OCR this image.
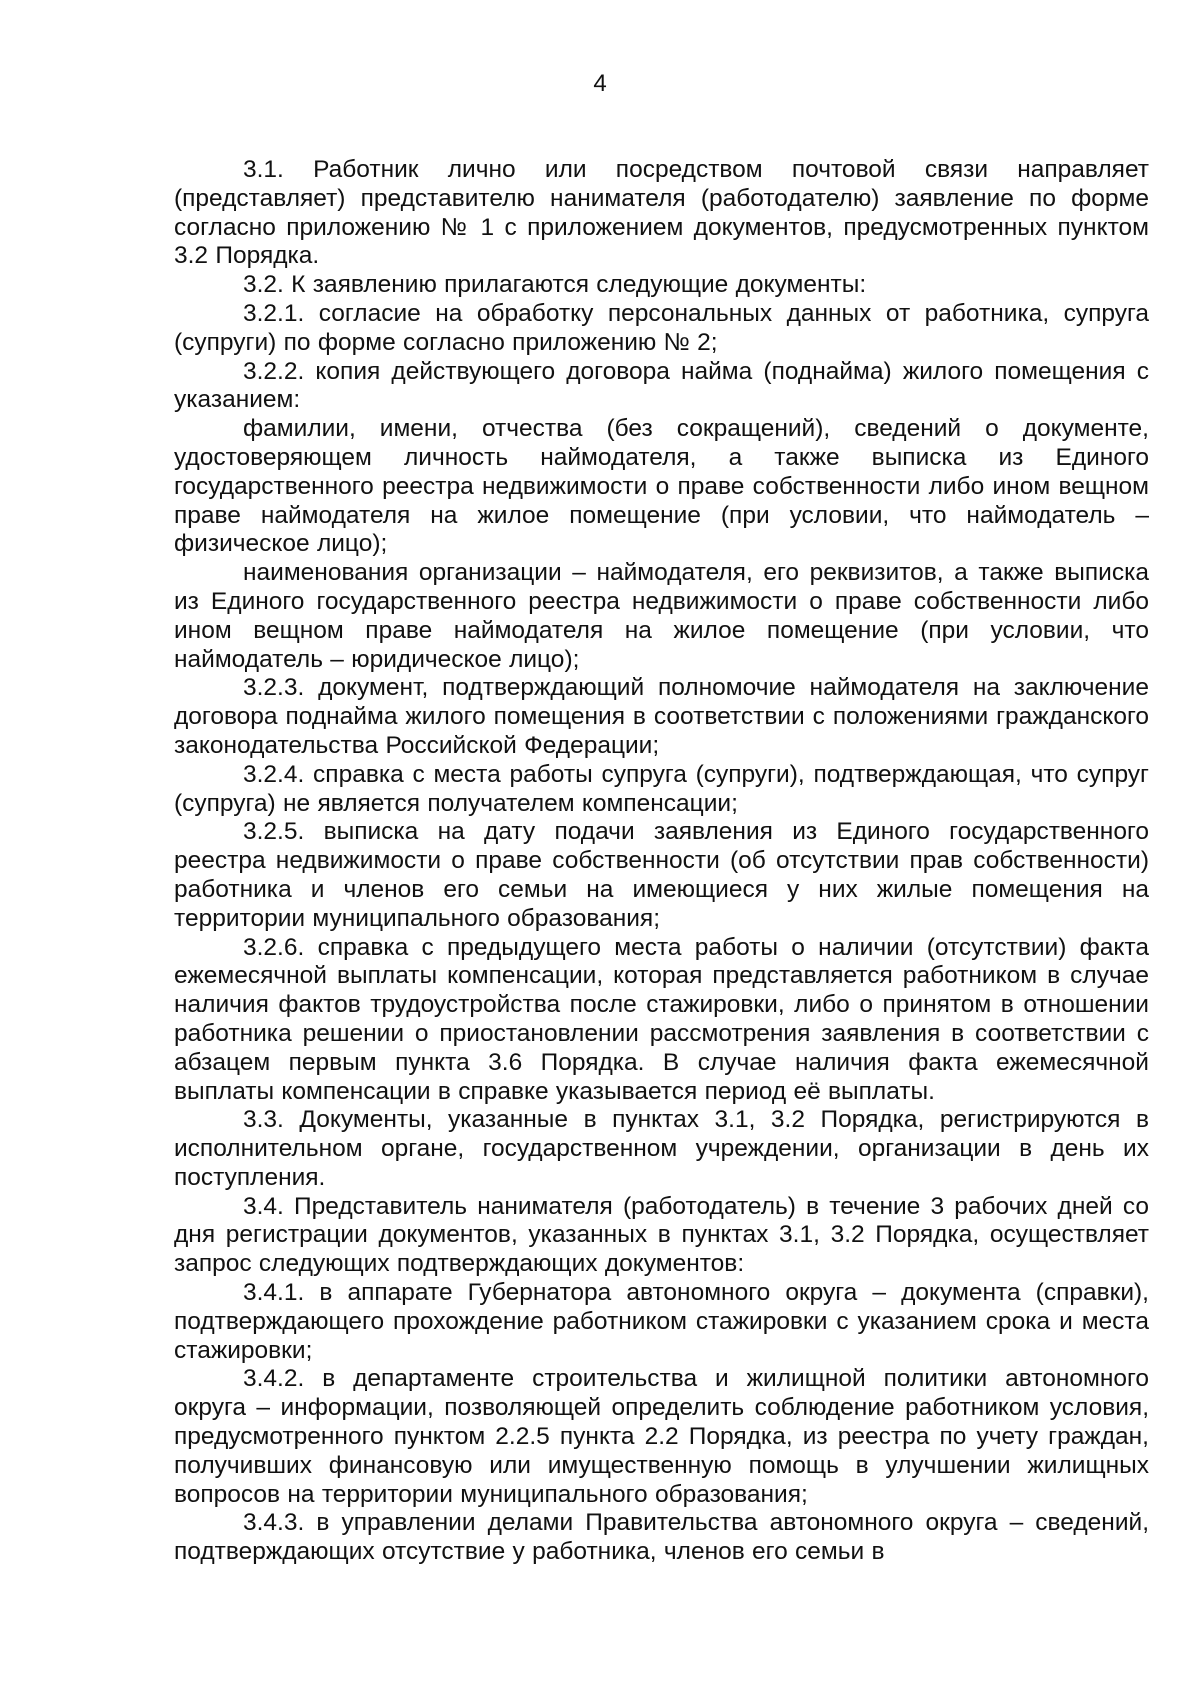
4

3.1. Работник лично или посредством почтовой связи направляет (представляет) представителю нанимателя (работодателю) заявление по форме согласно приложению № 1 с приложением документов, предусмотренных пунктом 3.2 Порядка.

3.2. К заявлению прилагаются следующие документы:

3.2.1. согласие на обработку персональных данных от работника, супруга (супруги) по форме согласно приложению № 2;

3.2.2. копия действующего договора найма (поднайма) жилого помещения с указанием:

фамилии, имени, отчества (без сокращений), сведений о документе, удостоверяющем личность наймодателя, а также выписка из Единого государственного реестра недвижимости о праве собственности либо ином вещном праве наймодателя на жилое помещение (при условии, что наймодатель – физическое лицо);

наименования организации – наймодателя, его реквизитов, а также выписка из Единого государственного реестра недвижимости о праве собственности либо ином вещном праве наймодателя на жилое помещение (при условии, что наймодатель – юридическое лицо);

3.2.3. документ, подтверждающий полномочие наймодателя на заключение договора поднайма жилого помещения в соответствии с положениями гражданского законодательства Российской Федерации;

3.2.4. справка с места работы супруга (супруги), подтверждающая, что супруг (супруга) не является получателем компенсации;

3.2.5. выписка на дату подачи заявления из Единого государственного реестра недвижимости о праве собственности (об отсутствии прав собственности) работника и членов его семьи на имеющиеся у них жилые помещения на территории муниципального образования;

3.2.6. справка с предыдущего места работы о наличии (отсутствии) факта ежемесячной выплаты компенсации, которая представляется работником в случае наличия фактов трудоустройства после стажировки, либо о принятом в отношении работника решении о приостановлении рассмотрения заявления в соответствии с абзацем первым пункта 3.6 Порядка. В случае наличия факта ежемесячной выплаты компенсации в справке указывается период её выплаты.

3.3. Документы, указанные в пунктах 3.1, 3.2 Порядка, регистрируются в исполнительном органе, государственном учреждении, организации в день их поступления.

3.4. Представитель нанимателя (работодатель) в течение 3 рабочих дней со дня регистрации документов, указанных в пунктах 3.1, 3.2 Порядка, осуществляет запрос следующих подтверждающих документов:

3.4.1. в аппарате Губернатора автономного округа – документа (справки), подтверждающего прохождение работником стажировки с указанием срока и места стажировки;

3.4.2. в департаменте строительства и жилищной политики автономного округа – информации, позволяющей определить соблюдение работником условия, предусмотренного пунктом 2.2.5 пункта 2.2 Порядка, из реестра по учету граждан, получивших финансовую или имущественную помощь в улучшении жилищных вопросов на территории муниципального образования;

3.4.3. в управлении делами Правительства автономного округа – сведений, подтверждающих отсутствие у работника, членов его семьи в
